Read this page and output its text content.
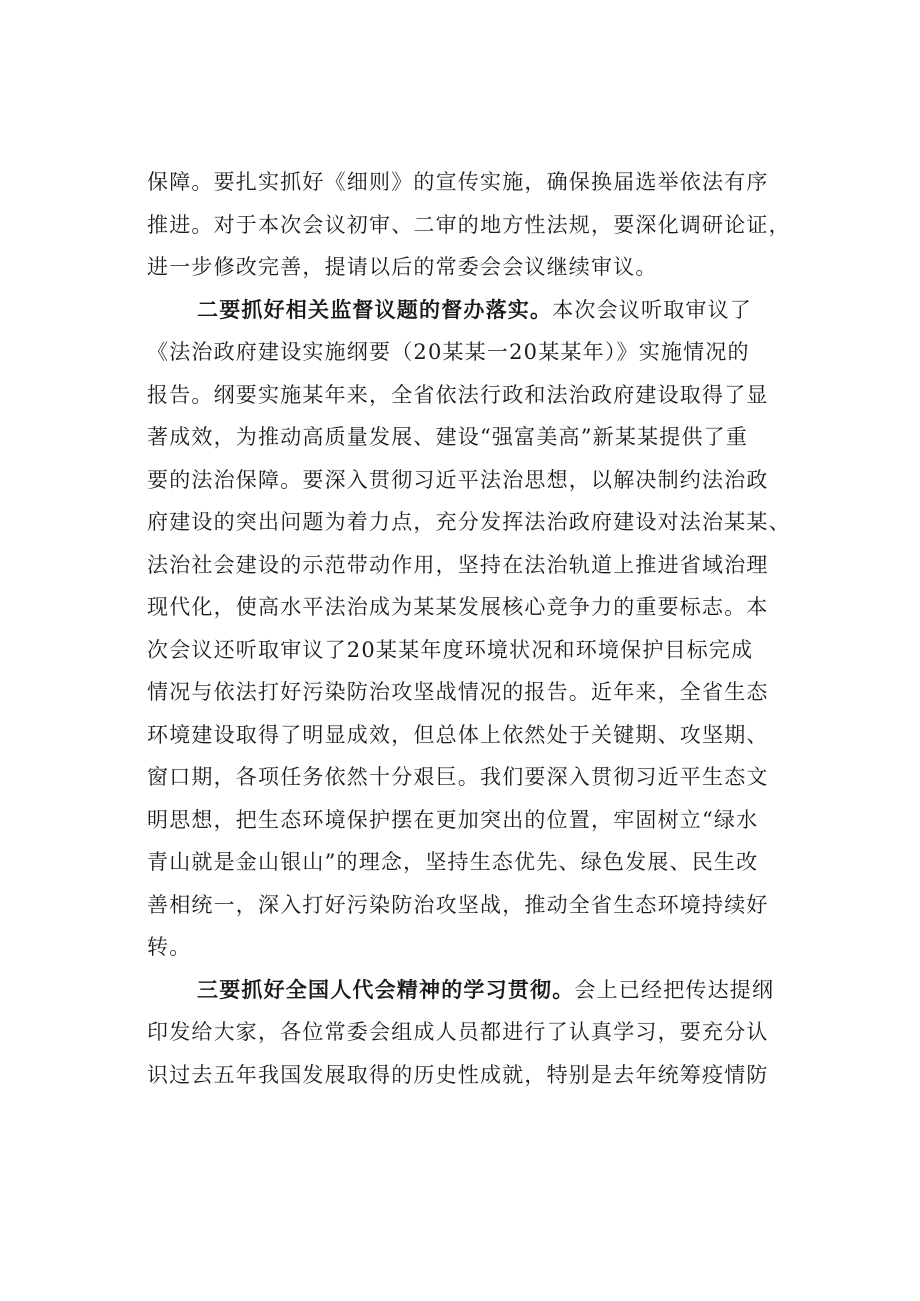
保障。要扎实抓好《细则》的宣传实施，确保换届选举依法有序
推进。对于本次会议初审、二审的地方性法规，要深化调研论证，
进一步修改完善，提请以后的常委会会议继续审议。
二要抓好相关监督议题的督办落实。本次会议听取审议了
《法治政府建设实施纲要（20某某一20某某年）》实施情况的
报告。纲要实施某年来，全省依法行政和法治政府建设取得了显
著成效，为推动高质量发展、建设“强富美高”新某某提供了重
要的法治保障。要深入贯彻习近平法治思想，以解决制约法治政
府建设的突出问题为着力点，充分发挥法治政府建设对法治某某、
法治社会建设的示范带动作用，坚持在法治轨道上推进省域治理
现代化，使高水平法治成为某某发展核心竞争力的重要标志。本
次会议还听取审议了20某某年度环境状况和环境保护目标完成
情况与依法打好污染防治攻坚战情况的报告。近年来，全省生态
环境建设取得了明显成效，但总体上依然处于关键期、攻坚期、
窗口期，各项任务依然十分艰巨。我们要深入贯彻习近平生态文
明思想，把生态环境保护摆在更加突出的位置，牢固树立“绿水
青山就是金山银山”的理念，坚持生态优先、绿色发展、民生改
善相统一，深入打好污染防治攻坚战，推动全省生态环境持续好
转。
三要抓好全国人代会精神的学习贯彻。会上已经把传达提纲
印发给大家，各位常委会组成人员都进行了认真学习，要充分认
识过去五年我国发展取得的历史性成就，特别是去年统筹疫情防
